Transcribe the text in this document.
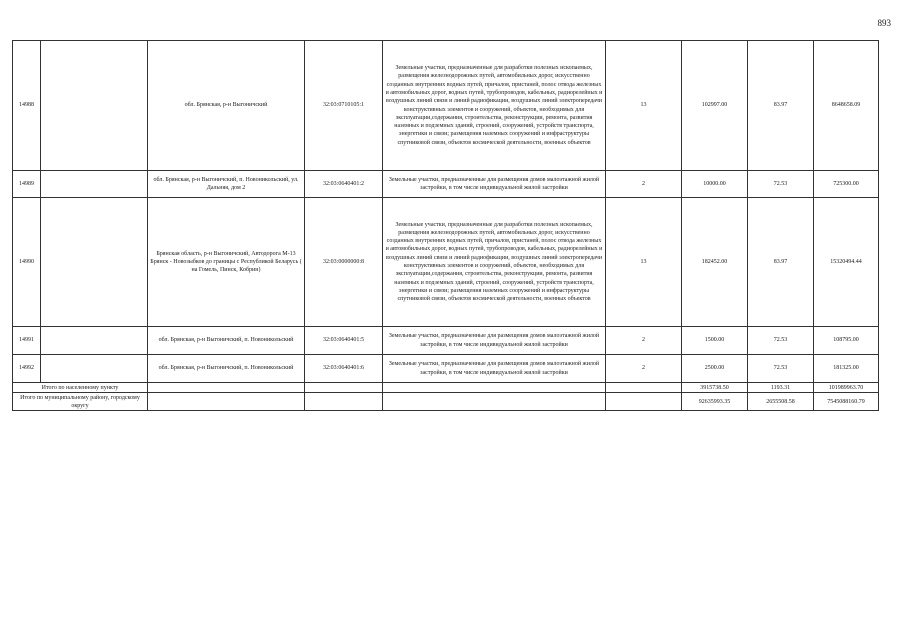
893
14988		обл. Брянская, р-н Выгоничский	32:03:0710105:1	Земельные участки, предназначенные для разработки полезных ископаемых, размещения железнодорожных путей, автомобильных дорог, искусственно созданных внутренних водных путей, причалов, пристаней, полос отвода железных и автомобильных дорог, водных путей, трубопроводов, кабельных, радиорелейных и воздушных линий связи и линий радиофикации, воздушных линий электропередачи конструктивных элементов и сооружений, объектов, необходимых для эксплуатации,содержания, строительства, реконструкции, ремонта, развития наземных и подземных зданий, строений, сооружений, устройств транспорта, энергетики и связи; размещения наземных сооружений и инфраструктуры спутниковой связи, объектов космической деятельности, военных объектов	13	102997.00	83.97	8648658.09
14989		обл. Брянская, р-н Выгоничский, п. Новоникольский, ул. Дальняя, дом 2	32:03:0640401:2	Земельные участки, предназначенные для размещения домов малоэтажной жилой застройки, в том числе индивидуальной жилой застройки	2	10000.00	72.53	725300.00
14990		Брянская область, р-н Выгоничский, Автодорога М-13 Брянск - Новозыбков до границы с Республикой Беларусь ( на Гомель, Пинск, Кобрин)	32:03:0000000:8	Земельные участки, предназначенные для разработки полезных ископаемых, размещения железнодорожных путей, автомобильных дорог, искусственно созданных внутренних водных путей, причалов, пристаней, полос отвода железных и автомобильных дорог, водных путей, трубопроводов, кабельных, радиорелейных и воздушных линий связи и линий радиофикации, воздушных линий электропередачи конструктивных элементов и сооружений, объектов, необходимых для эксплуатации,содержания, строительства, реконструкции, ремонта, развития наземных и подземных зданий, строений, сооружений, устройств транспорта, энергетики и связи; размещения наземных сооружений и инфраструктуры спутниковой связи, объектов космической деятельности, военных объектов	13	182452.00	83.97	15320494.44
14991		обл. Брянская, р-н Выгоничский, п. Новоникольский	32:03:0640401:5	Земельные участки, предназначенные для размещения домов малоэтажной жилой застройки, в том числе индивидуальной жилой застройки	2	1500.00	72.53	108795.00
14992		обл. Брянская, р-н Выгоничский, п. Новоникольский	32:03:0640401:6	Земельные участки, предназначенные для размещения домов малоэтажной жилой застройки, в том числе индивидуальной жилой застройки	2	2500.00	72.53	181325.00
Итого по населенному пункту						3915738.50	1193.31	101989963.70
Итого по муниципальному району, городскому округу						92635993.35	2655508.58	7545088160.79
